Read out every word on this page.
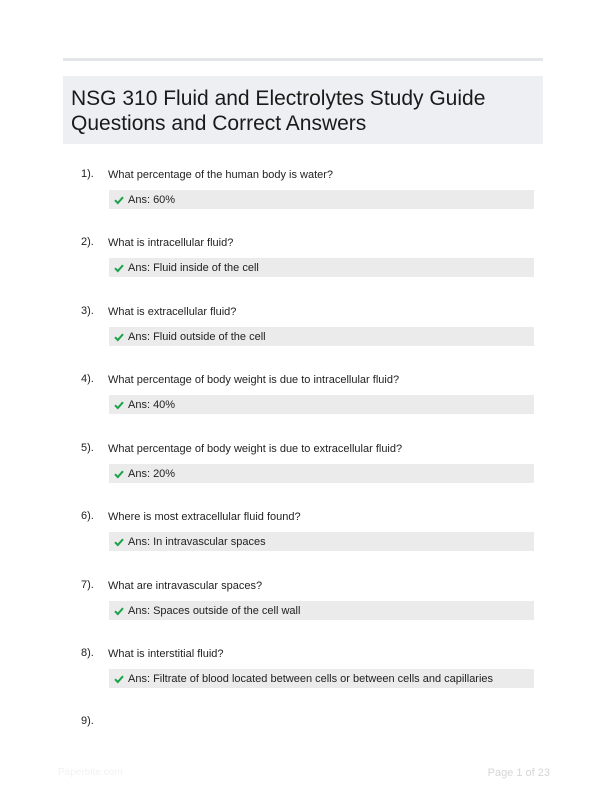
NSG 310 Fluid and Electrolytes Study Guide
Questions and Correct Answers
1). What percentage of the human body is water?
Ans: 60%
2). What is intracellular fluid?
Ans: Fluid inside of the cell
3). What is extracellular fluid?
Ans: Fluid outside of the cell
4). What percentage of body weight is due to intracellular fluid?
Ans: 40%
5). What percentage of body weight is due to extracellular fluid?
Ans: 20%
6). Where is most extracellular fluid found?
Ans: In intravascular spaces
7). What are intravascular spaces?
Ans: Spaces outside of the cell wall
8). What is interstitial fluid?
Ans: Filtrate of blood located between cells or between cells and capillaries
9).
Paperbite.com	Page 1 of 23
